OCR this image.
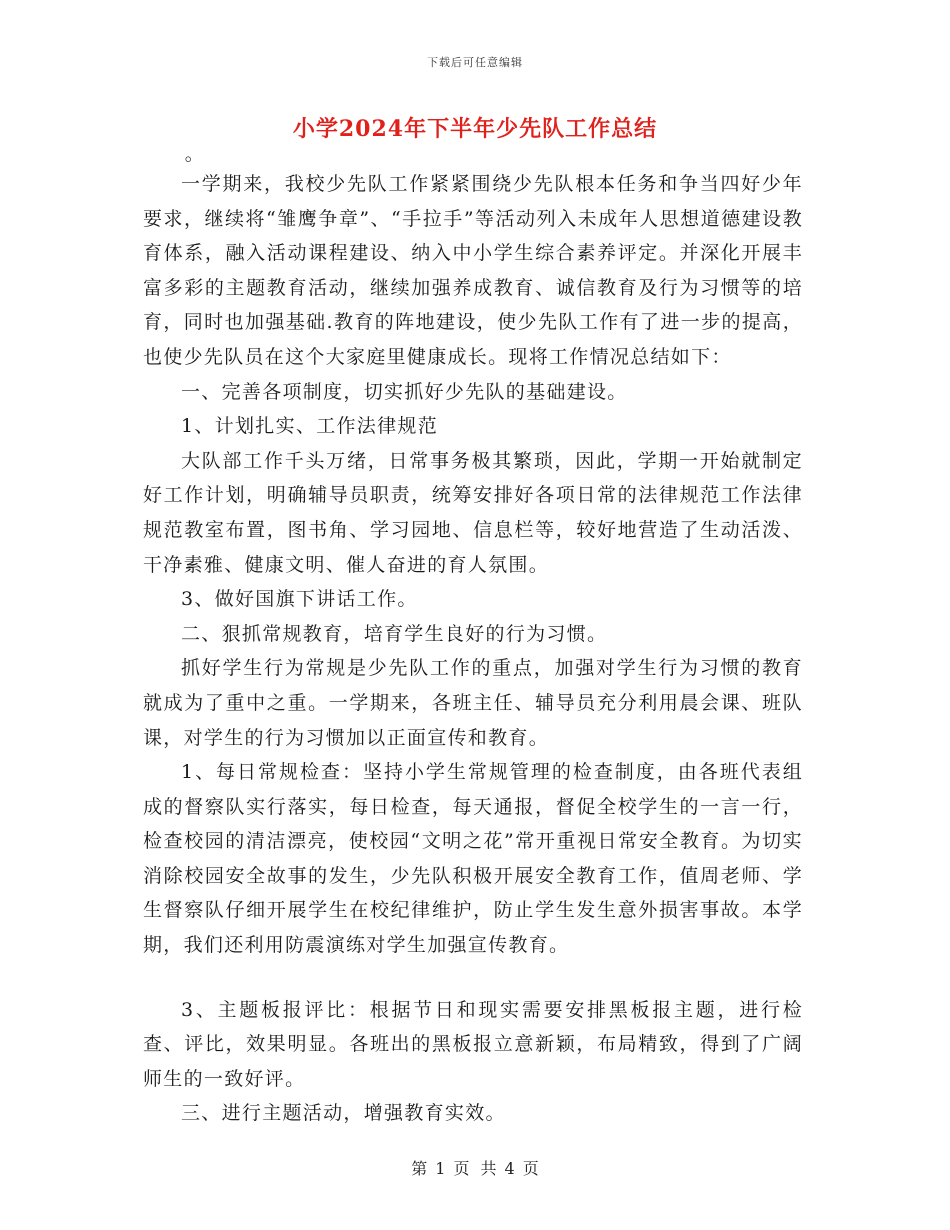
下载后可任意编辑
小学2024年下半年少先队工作总结

。

一学期来，我校少先队工作紧紧围绕少先队根本任务和争当四好少年要求，继续将“雏鹰争章”、“手拉手”等活动列入未成年人思想道德建设教育体系，融入活动课程建设、纳入中小学生综合素养评定。并深化开展丰富多彩的主题教育活动，继续加强养成教育、诚信教育及行为习惯等的培育，同时也加强基础.教育的阵地建设，使少先队工作有了进一步的提高，也使少先队员在这个大家庭里健康成长。现将工作情况总结如下：

一、完善各项制度，切实抓好少先队的基础建设。

1、计划扎实、工作法律规范

大队部工作千头万绪，日常事务极其繁琐，因此，学期一开始就制定好工作计划，明确辅导员职责，统筹安排好各项日常的法律规范工作法律规范教室布置，图书角、学习园地、信息栏等，较好地营造了生动活泼、干净素雅、健康文明、催人奋进的育人氛围。

3、做好国旗下讲话工作。

二、狠抓常规教育，培育学生良好的行为习惯。

抓好学生行为常规是少先队工作的重点，加强对学生行为习惯的教育就成为了重中之重。一学期来，各班主任、辅导员充分利用晨会课、班队课，对学生的行为习惯加以正面宣传和教育。

1、每日常规检查：坚持小学生常规管理的检查制度，由各班代表组成的督察队实行落实，每日检查，每天通报，督促全校学生的一言一行，检查校园的清洁漂亮，使校园“文明之花”常开重视日常安全教育。为切实消除校园安全故事的发生，少先队积极开展安全教育工作，值周老师、学生督察队仔细开展学生在校纪律维护，防止学生发生意外损害事故。本学期，我们还利用防震演练对学生加强宣传教育。

3、主题板报评比：根据节日和现实需要安排黑板报主题，进行检查、评比，效果明显。各班出的黑板报立意新颖，布局精致，得到了广阔师生的一致好评。

三、进行主题活动，增强教育实效。

第 1 页 共 4 页
